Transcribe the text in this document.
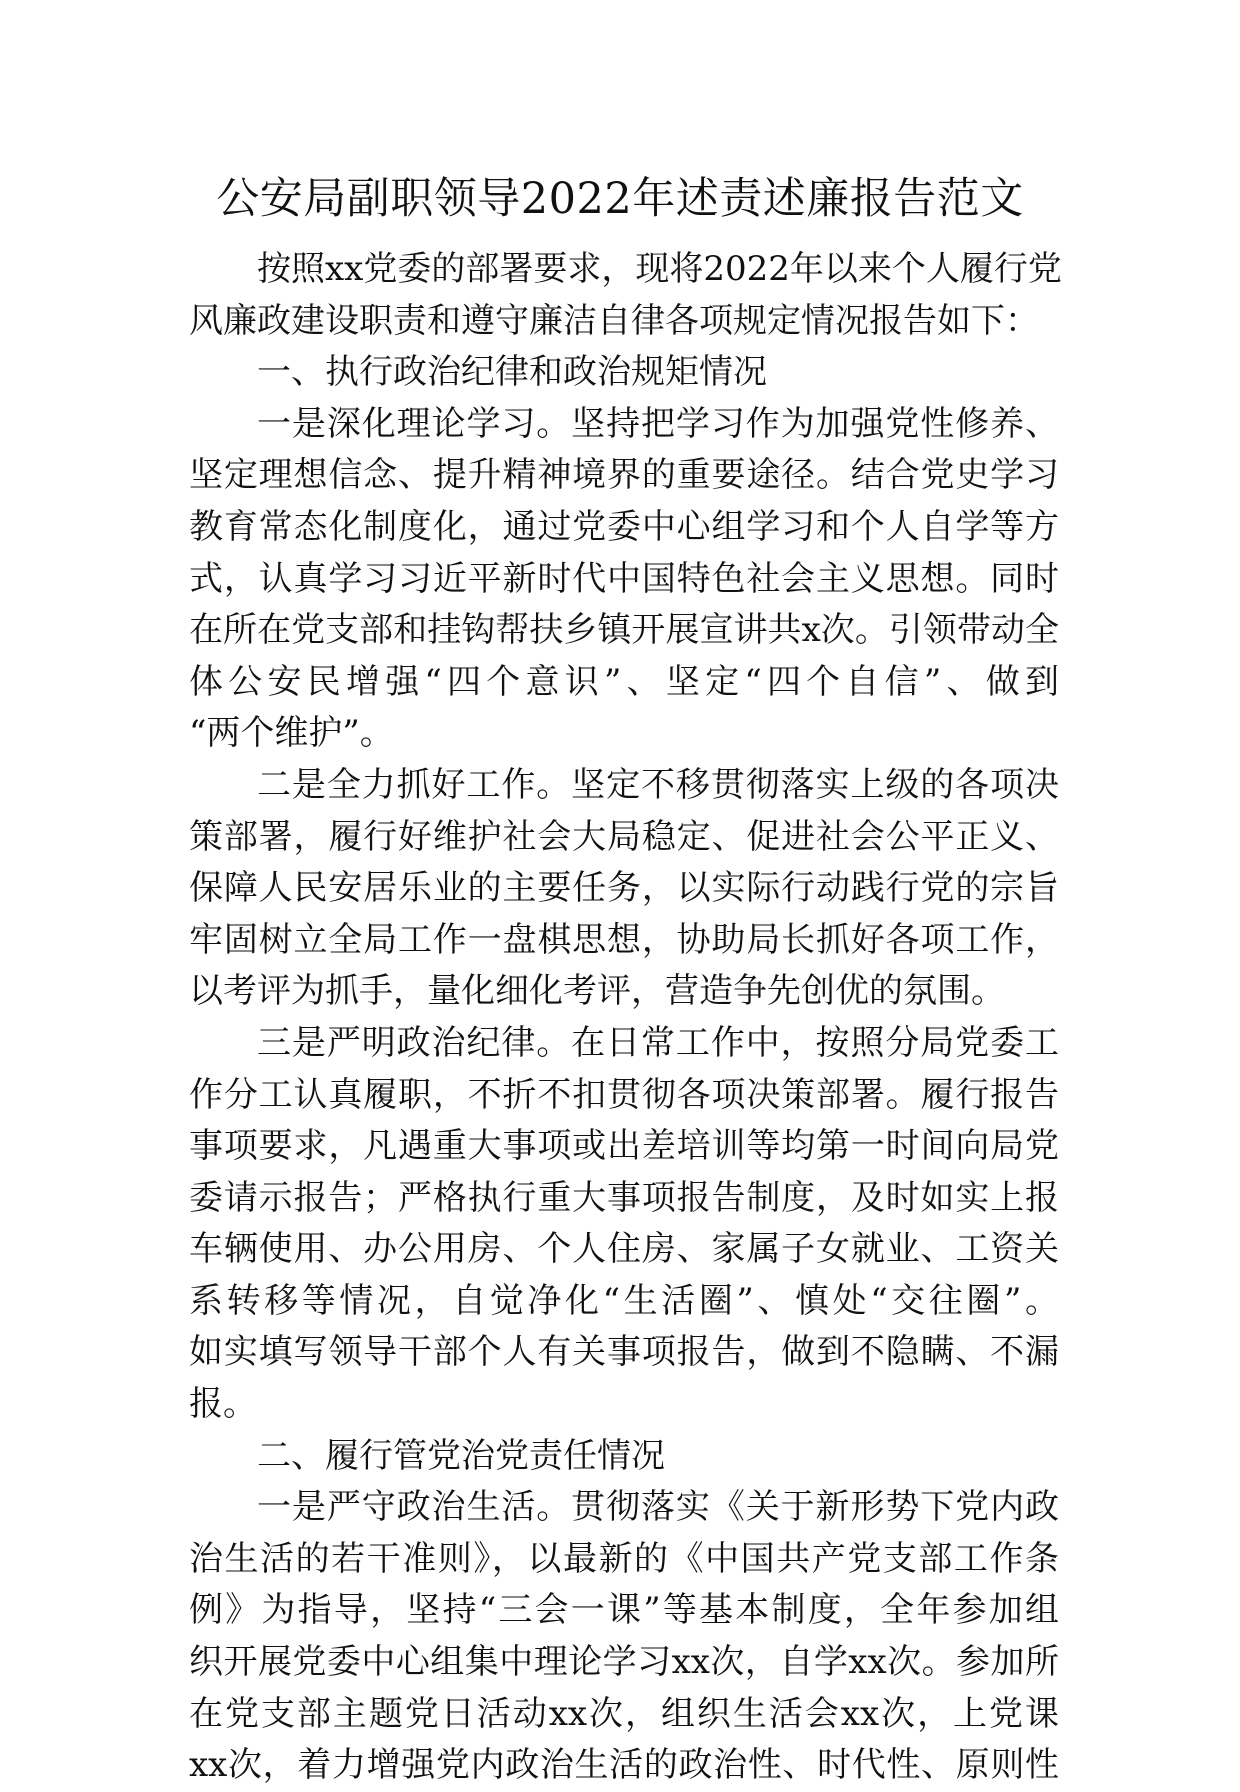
公安局副职领导2022年述责述廉报告范文
按照xx党委的部署要求，现将2022年以来个人履行党
风廉政建设职责和遵守廉洁自律各项规定情况报告如下：
一、执行政治纪律和政治规矩情况
一是深化理论学习。坚持把学习作为加强党性修养、
坚定理想信念、提升精神境界的重要途径。结合党史学习
教育常态化制度化，通过党委中心组学习和个人自学等方
式，认真学习习近平新时代中国特色社会主义思想。同时
在所在党支部和挂钩帮扶乡镇开展宣讲共x次。引领带动全
体公安民增强“四个意识”、坚定“四个自信”、做到
“两个维护”。
二是全力抓好工作。坚定不移贯彻落实上级的各项决
策部署，履行好维护社会大局稳定、促进社会公平正义、
保障人民安居乐业的主要任务，以实际行动践行党的宗旨
牢固树立全局工作一盘棋思想，协助局长抓好各项工作，
以考评为抓手，量化细化考评，营造争先创优的氛围。
三是严明政治纪律。在日常工作中，按照分局党委工
作分工认真履职，不折不扣贯彻各项决策部署。履行报告
事项要求，凡遇重大事项或出差培训等均第一时间向局党
委请示报告；严格执行重大事项报告制度，及时如实上报
车辆使用、办公用房、个人住房、家属子女就业、工资关
系转移等情况，自觉净化“生活圈”、慎处“交往圈”。
如实填写领导干部个人有关事项报告，做到不隐瞒、不漏
报。
二、履行管党治党责任情况
一是严守政治生活。贯彻落实《关于新形势下党内政
治生活的若干准则》，以最新的《中国共产党支部工作条
例》为指导，坚持“三会一课”等基本制度，全年参加组
织开展党委中心组集中理论学习xx次，自学xx次。参加所
在党支部主题党日活动xx次，组织生活会xx次，上党课
xx次，着力增强党内政治生活的政治性、时代性、原则性
